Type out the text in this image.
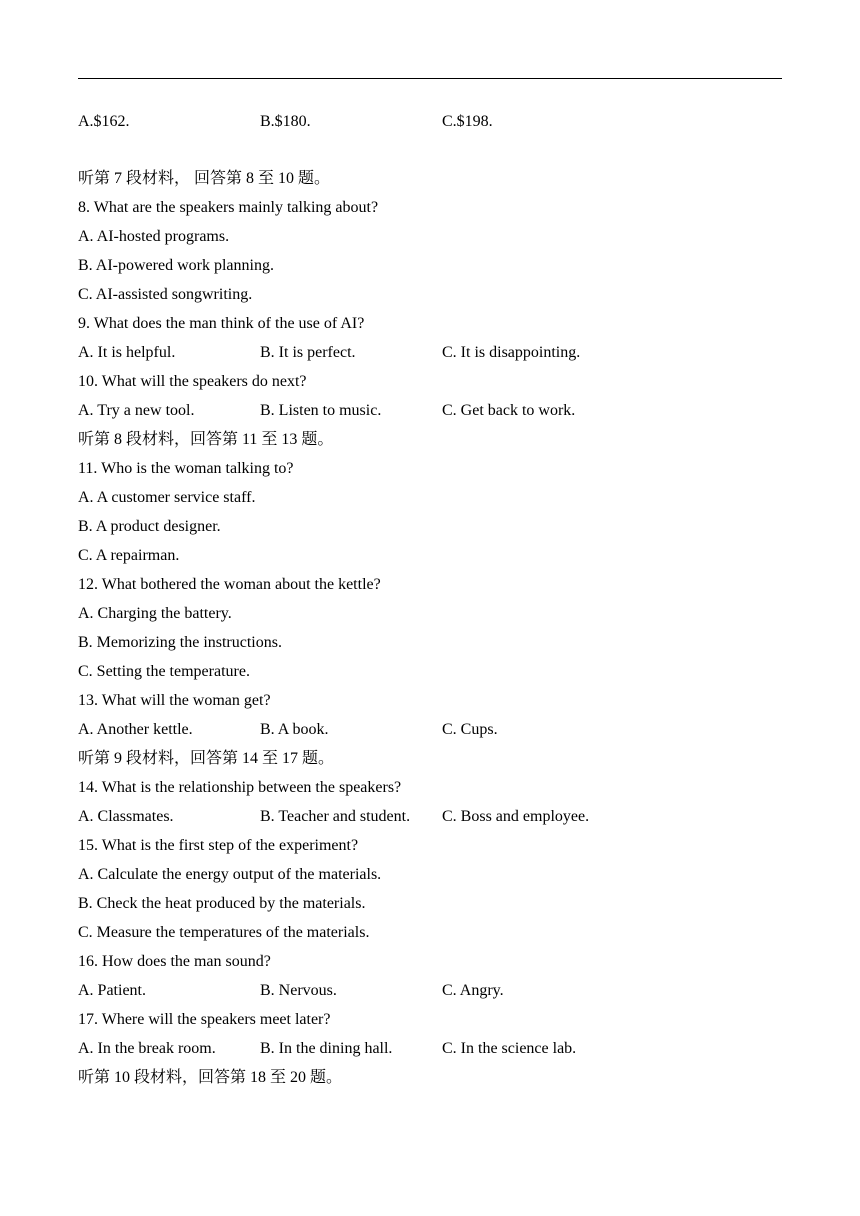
A.$162.	B.$180.	C.$198.
听第 7 段材料， 回答第 8 至 10 题。
8. What are the speakers mainly talking about?
A. AI-hosted programs.
B. AI-powered work planning.
C. AI-assisted songwriting.
9. What does the man think of the use of AI?
A. It is helpful.	B. It is perfect.	C. It is disappointing.
10. What will the speakers do next?
A. Try a new tool.	B. Listen to music.	C. Get back to work.
听第 8 段材料，回答第 11 至 13 题。
11. Who is the woman talking to?
A. A customer service staff.
B. A product designer.
C. A repairman.
12. What bothered the woman about the kettle?
A. Charging the battery.
B. Memorizing the instructions.
C. Setting the temperature.
13. What will the woman get?
A. Another kettle.	B. A book.	C. Cups.
听第 9 段材料，回答第 14 至 17 题。
14. What is the relationship between the speakers?
A. Classmates.	B. Teacher and student. C. Boss and employee.
15. What is the first step of the experiment?
A. Calculate the energy output of the materials.
B. Check the heat produced by the materials.
C. Measure the temperatures of the materials.
16. How does the man sound?
A. Patient.	B. Nervous.	C. Angry.
17. Where will the speakers meet later?
A. In the break room.	B. In the dining hall.	C. In the science lab.
听第 10 段材料，回答第 18 至 20 题。
